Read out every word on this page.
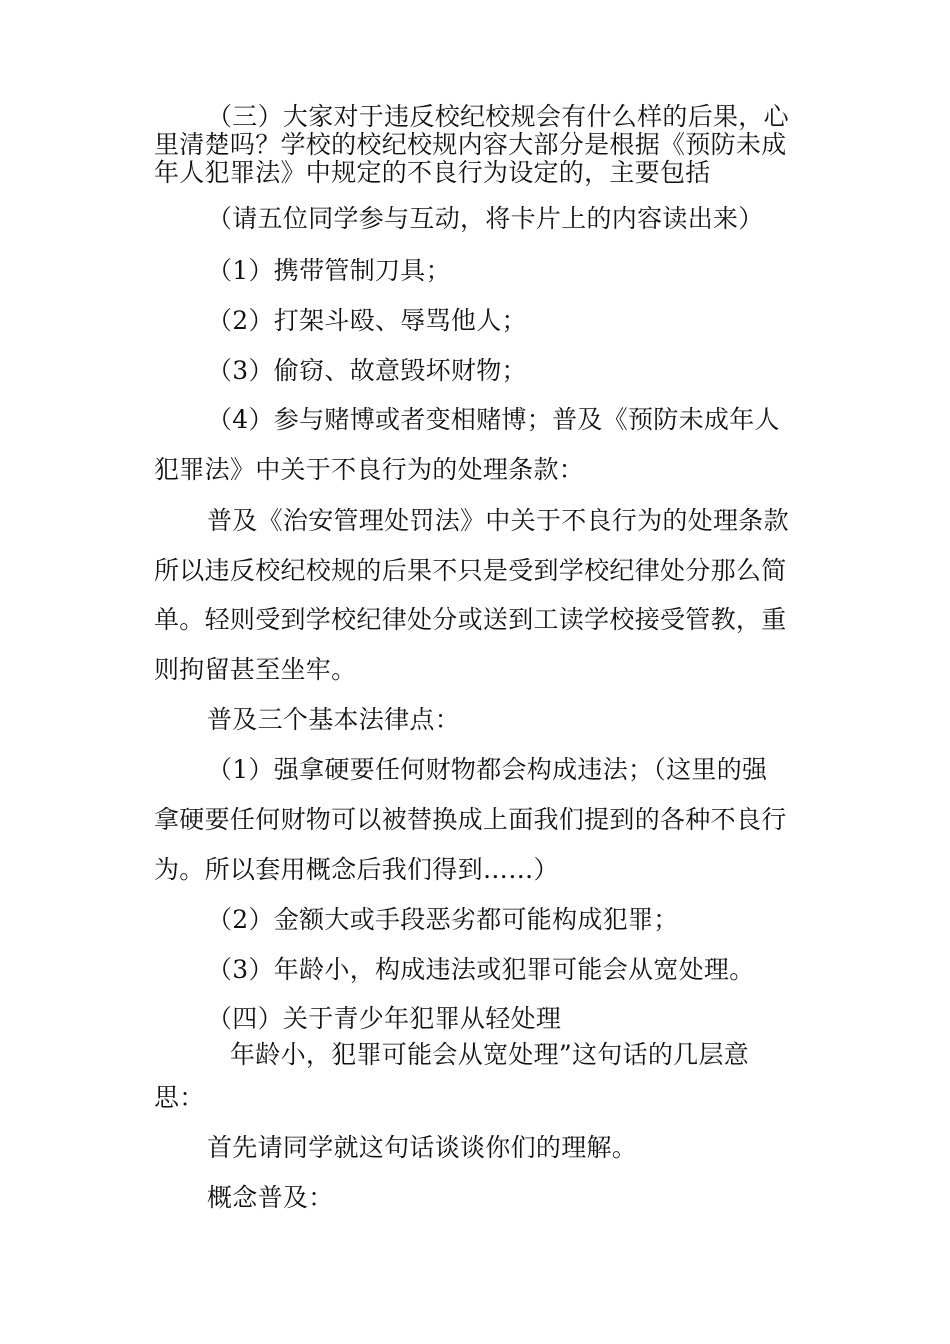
（三）大家对于违反校纪校规会有什么样的后果，心
里清楚吗？学校的校纪校规内容大部分是根据《预防未成
年人犯罪法》中规定的不良行为设定的，主要包括
（请五位同学参与互动，将卡片上的内容读出来）
（1）携带管制刀具；
（2）打架斗殴、辱骂他人；
（3）偷窃、故意毁坏财物；
（4）参与赌博或者变相赌博；普及《预防未成年人
犯罪法》中关于不良行为的处理条款：
普及《治安管理处罚法》中关于不良行为的处理条款
所以违反校纪校规的后果不只是受到学校纪律处分那么简
单。轻则受到学校纪律处分或送到工读学校接受管教，重
则拘留甚至坐牢。
普及三个基本法律点：
（1）强拿硬要任何财物都会构成违法；（这里的强
拿硬要任何财物可以被替换成上面我们提到的各种不良行
为。所以套用概念后我们得到……）
（2）金额大或手段恶劣都可能构成犯罪；
（3）年龄小，构成违法或犯罪可能会从宽处理。
（四）关于青少年犯罪从轻处理
年龄小，犯罪可能会从宽处理”这句话的几层意
思：
首先请同学就这句话谈谈你们的理解。
概念普及：
